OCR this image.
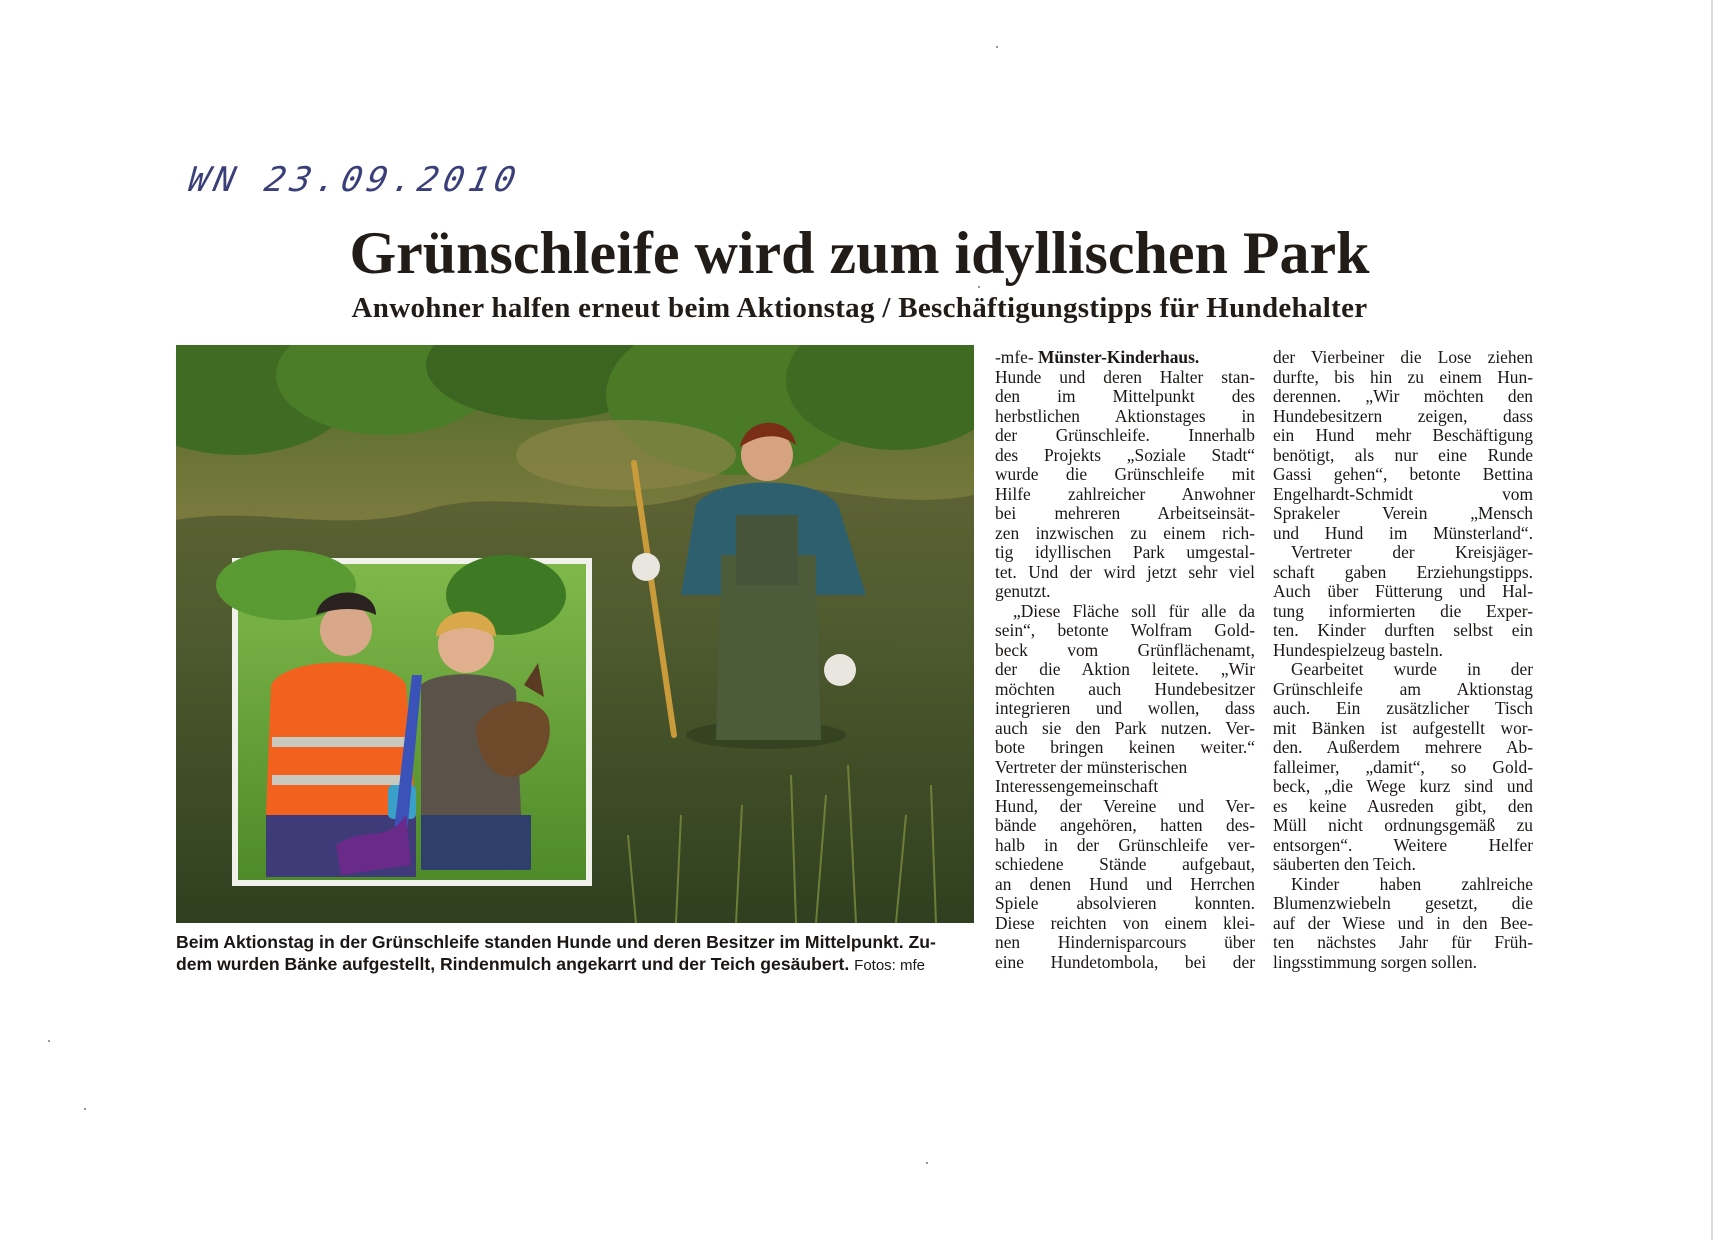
WN 23.09.2010
Grünschleife wird zum idyllischen Park
Anwohner halfen erneut beim Aktionstag / Beschäftigungstipps für Hundehalter
Beim Aktionstag in der Grünschleife standen Hunde und deren Besitzer im Mittelpunkt. Zu-
dem wurden Bänke aufgestellt, Rindenmulch angekarrt und der Teich gesäubert. Fotos: mfe
-mfe- Münster-Kinderhaus.
Hunde und deren Halter stan-
den im Mittelpunkt des
herbstlichen Aktionstages in
der Grünschleife. Innerhalb
des Projekts „Soziale Stadt“
wurde die Grünschleife mit
Hilfe zahlreicher Anwohner
bei mehreren Arbeitseinsät-
zen inzwischen zu einem rich-
tig idyllischen Park umgestal-
tet. Und der wird jetzt sehr viel
genutzt.
„Diese Fläche soll für alle da
sein“, betonte Wolfram Gold-
beck vom Grünflächenamt,
der die Aktion leitete. „Wir
möchten auch Hundebesitzer
integrieren und wollen, dass
auch sie den Park nutzen. Ver-
bote bringen keinen weiter.“
Vertreter der münsterischen
Interessengemeinschaft
Hund, der Vereine und Ver-
bände angehören, hatten des-
halb in der Grünschleife ver-
schiedene Stände aufgebaut,
an denen Hund und Herrchen
Spiele absolvieren konnten.
Diese reichten von einem klei-
nen Hindernisparcours über
eine Hundetombola, bei der
der Vierbeiner die Lose ziehen
durfte, bis hin zu einem Hun-
derennen. „Wir möchten den
Hundebesitzern zeigen, dass
ein Hund mehr Beschäftigung
benötigt, als nur eine Runde
Gassi gehen“, betonte Bettina
Engelhardt-Schmidt vom
Sprakeler Verein „Mensch
und Hund im Münsterland“.
Vertreter der Kreisjäger-
schaft gaben Erziehungstipps.
Auch über Fütterung und Hal-
tung informierten die Exper-
ten. Kinder durften selbst ein
Hundespielzeug basteln.
Gearbeitet wurde in der
Grünschleife am Aktionstag
auch. Ein zusätzlicher Tisch
mit Bänken ist aufgestellt wor-
den. Außerdem mehrere Ab-
falleimer, „damit“, so Gold-
beck, „die Wege kurz sind und
es keine Ausreden gibt, den
Müll nicht ordnungsgemäß zu
entsorgen“. Weitere Helfer
säuberten den Teich.
Kinder haben zahlreiche
Blumenzwiebeln gesetzt, die
auf der Wiese und in den Bee-
ten nächstes Jahr für Früh-
lingsstimmung sorgen sollen.
